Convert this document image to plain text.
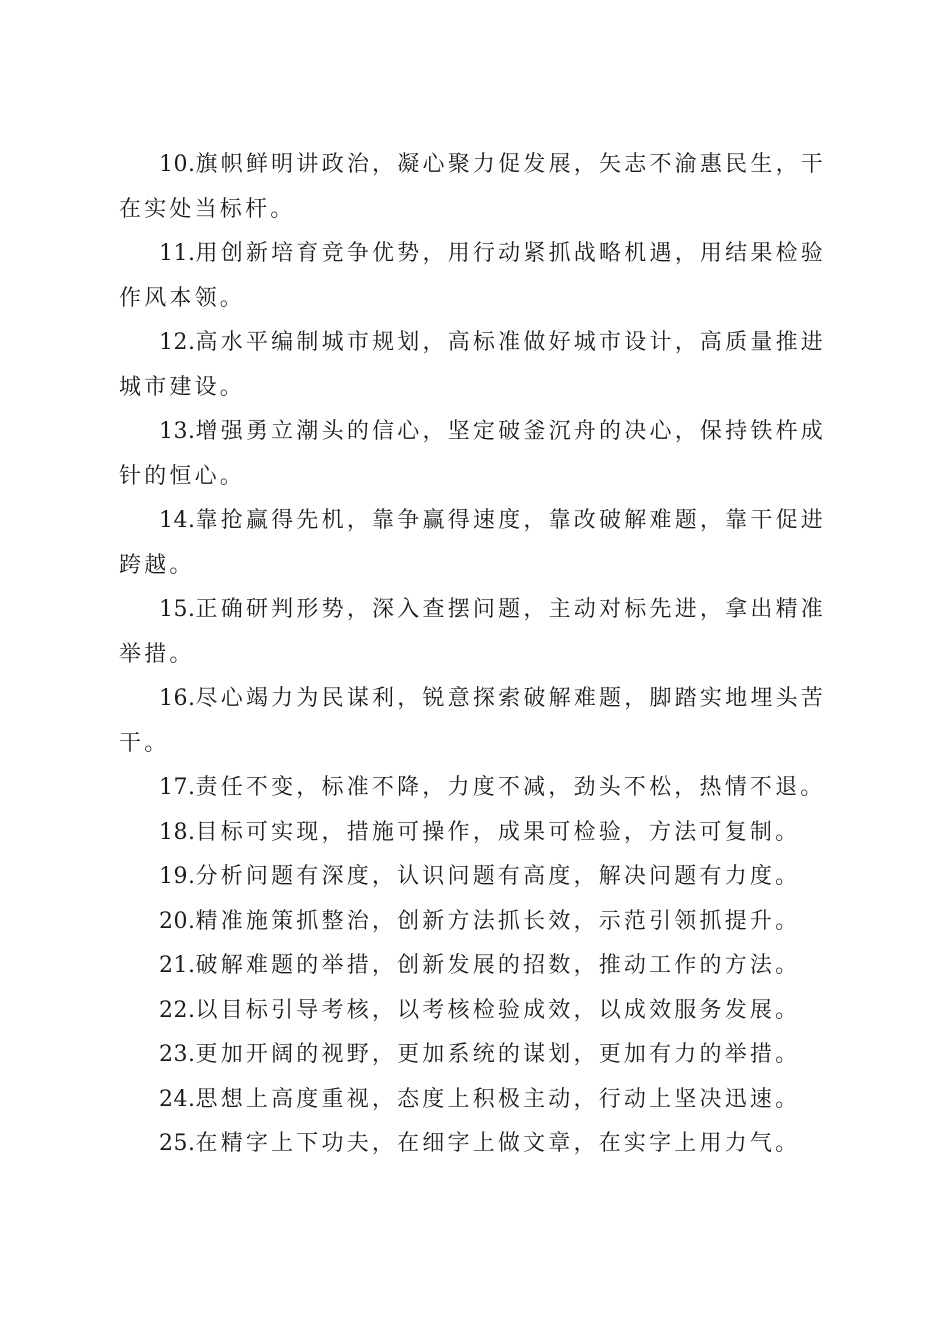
10.旗帜鲜明讲政治，凝心聚力促发展，矢志不渝惠民生，干在实处当标杆。

11.用创新培育竞争优势，用行动紧抓战略机遇，用结果检验作风本领。

12.高水平编制城市规划，高标准做好城市设计，高质量推进城市建设。

13.增强勇立潮头的信心，坚定破釜沉舟的决心，保持铁杵成针的恒心。

14.靠抢赢得先机，靠争赢得速度，靠改破解难题，靠干促进跨越。

15.正确研判形势，深入查摆问题，主动对标先进，拿出精准举措。

16.尽心竭力为民谋利，锐意探索破解难题，脚踏实地埋头苦干。

17.责任不变，标准不降，力度不减，劲头不松，热情不退。

18.目标可实现，措施可操作，成果可检验，方法可复制。

19.分析问题有深度，认识问题有高度，解决问题有力度。

20.精准施策抓整治，创新方法抓长效，示范引领抓提升。

21.破解难题的举措，创新发展的招数，推动工作的方法。

22.以目标引导考核，以考核检验成效，以成效服务发展。

23.更加开阔的视野，更加系统的谋划，更加有力的举措。

24.思想上高度重视，态度上积极主动，行动上坚决迅速。

25.在精字上下功夫，在细字上做文章，在实字上用力气。
